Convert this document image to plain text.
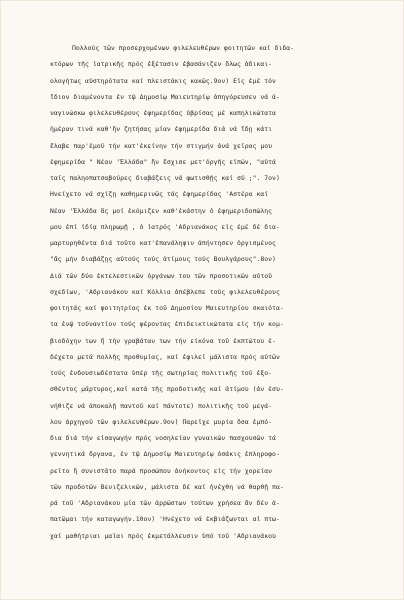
Πολλούς τῶν προσερχομένων φιλελευθέρων φοιτητῶν καί διδα-
κτόρων τῆς ἰατρικῆς πρός ἐξέτασιν ἐβασάνιζεν ὅλως ἀδικαι-
ολογήτως αὐστηρότατα καί πλειστάκις κακῶς.9ον) Εἰς ἐμέ τόν
ἴδιον διαμένοντα ἐν τῷ Δημοσίῳ Μαιευτηρίῳ ἀπηγόρευσεν νά ἀ-
ναγινώσκω φιλελευθέρους ἐφημερίδας ὑβρίσας μέ καπηλικώτατα
ἡμέραν τινά καθ'ἥν ζητήσας μίαν ἐφημερίδα διά νά ἴδῃ κάτι
ἔλαβε παρ'ἐμοῦ τήν κατ'ἐκείνην τήν στιγμήν ἀνά χεῖρας μου
ἐφημερίδα " Νέαν 'Ἑλλάδα" ἥν ἔσχισε μετ'ὀργῆς εἰπών, "αὐτά
ταῖς παληοπατσαβούρες διαβάζεις νά φωτισθῇς καί σύ ;". 7ον)
Ἠνείχετο νά σχίζῃ καθημερινῶς τάς ἐφημερίδας 'Αστέρα καί
Νέαν 'Ἑλλάδα ἅς μοί ἐκόμιζεν καθ'ἑκάστην ὁ ἐφημεριδοπώλης
μου ἐπί ἰδίᾳ πληρωμῇ , ὁ ἰατρός 'Αδριανάκος εἰς ἐμέ δέ δια-
μαρτυρηθέντα διά τοῦτο κατ'ἐπανάληψιν ἀπήντησεν ὀργισμένος
"ἄς μήν διαβάζῃς αὐτούς τούς ἀτίμους τούς Βουλγάρους".8ον)
Διά τῶν δύο ἐκτελεστικῶν ὀργάνων του τῶν προσοτικῶν αὐτοῦ
σχεδίων, 'Αδριανάκου καί Κόλλια ἀπέβλεπε τοὺς φιλελευθέρους
φοιτητάς καί φοιτητρίας ἐκ τοῦ Δημοσίου Μαιευτηρίου σκαιότα-
τα ἐνῷ τοὐναντίον τούς φέροντας ἐπιδεικτικώτατα εἰς τήν κομ-
βιοδόχην των ἤ τήν γραβάταν των τήν εἰκόνα τοῦ ἐκπτώτου ἐ-
δέχετο μετά πολλῆς προθυμίας, καί ἐφιλεῖ μάλιστα πρός αὐτῶν
τούς ἐνδουσιωδέστατα ὑπέρ τῆς σωτηρίας πολιτικῆς τοῦ ἐξο-
σθέντος μάρτυρος,καί κατά τῆς προδοτικῆς καί ἀτίμου (ἀν ἐσυ-
νήθιζε νά ἀποκαλῇ παντοῦ καί πάντοτε) πολιτικῆς τοῦ μεγά-
λου ἀρχηγοῦ τῶν φιλελευθέρων.9ον) Παρεῖχε μυρία ὅσα ἐμπό-
δια διά τήν εἰσαγωγήν πρός νοσηλείαν γυναικῶν πασχουσῶν τά
γεννητικά ὄργανα, ἐν τῷ Δημοσίῳ Μαιευτηρίῳ ὁσάκις ἐπληροφο-
ρεῖτο ἤ συνιστᾶτο παρά προσώπου ἀνήκοντος εἰς τήν χορείαν
τῶν προδοτῶν Βενιζελικῶν, μάλιστα δέ καί ἠνέχθη νά θαρθῇ πα-
ρά τοῦ 'Αδριανάκου μία τῶν ἀρρώστων τούτων χρήσεα ἄν δέν ἀ-
πατῶμαι τήν καταγωγήν.10ον) 'Ηνέχετο νά ἐκβιάζωνται αἱ πτω-
χαί μαθήτριαι μαῖαι πρός ἐκμετάλλευσιν ὑπό τοῦ 'Αδριανάκου
